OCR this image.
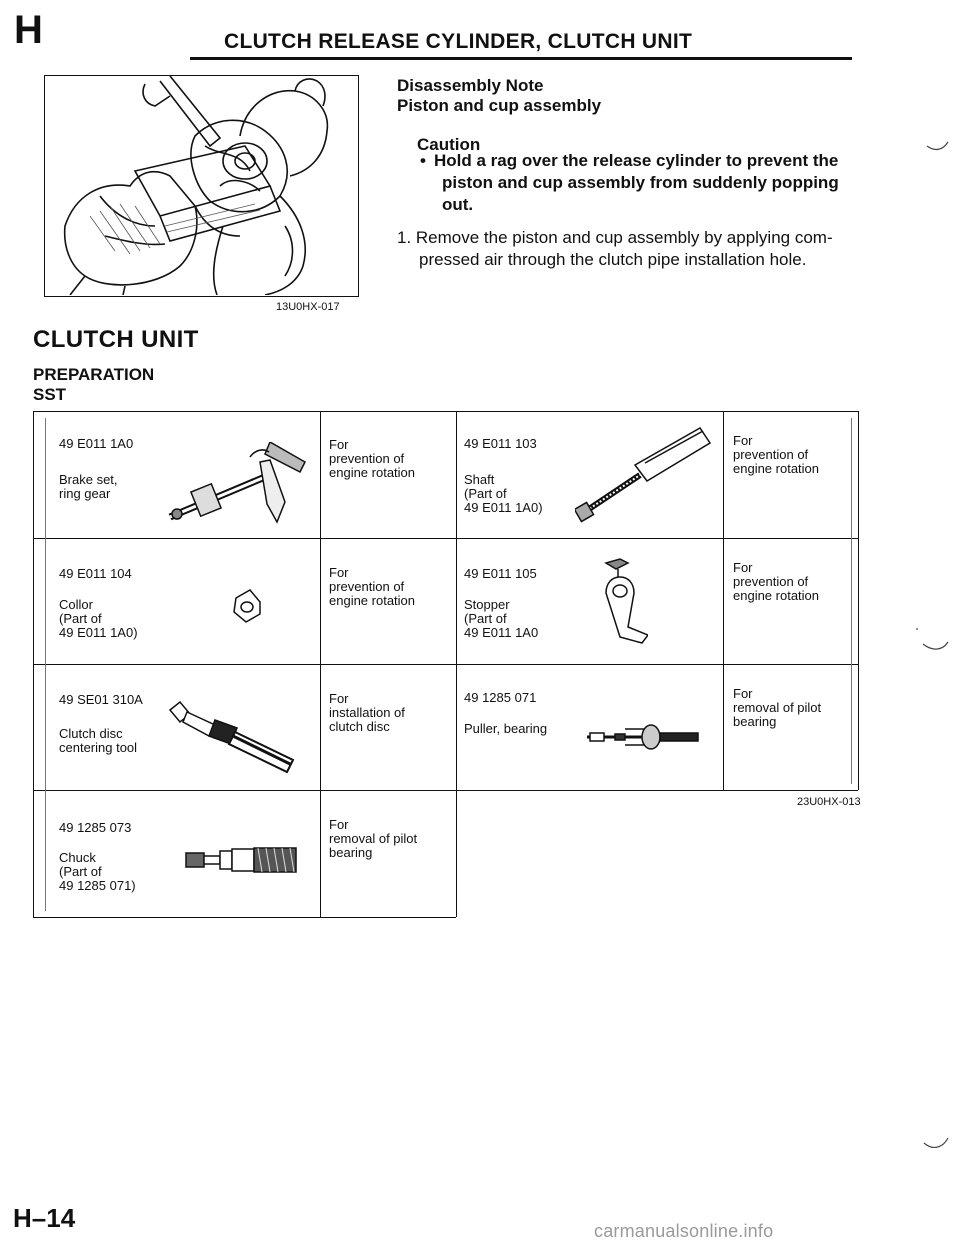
H	CLUTCH RELEASE CYLINDER, CLUTCH UNIT
13U0HX-017
Disassembly Note
Piston and cup assembly
Caution
• Hold a rag over the release cylinder to prevent the
piston and cup assembly from suddenly popping
out.
1. Remove the piston and cup assembly by applying com-
pressed air through the clutch pipe installation hole.
CLUTCH UNIT
PREPARATION
SST
49 E011 1A0
Brake set,
ring gear
For
prevention of
engine rotation
49 E011 103
Shaft
(Part of
49 E011 1A0)
For
prevention of
engine rotation
49 E011 104
Collor
(Part of
49 E011 1A0)
For
prevention of
engine rotation
49 E011 105
Stopper
(Part of
49 E011 1A0
For
prevention of
engine rotation
49 SE01 310A
Clutch disc
centering tool
For
installation of
clutch disc
49 1285 071
Puller, bearing
For
removal of pilot
bearing
49 1285 073
Chuck
(Part of
49 1285 071)
For
removal of pilot
bearing
23U0HX-013
H–14	carmanualsonline.info
